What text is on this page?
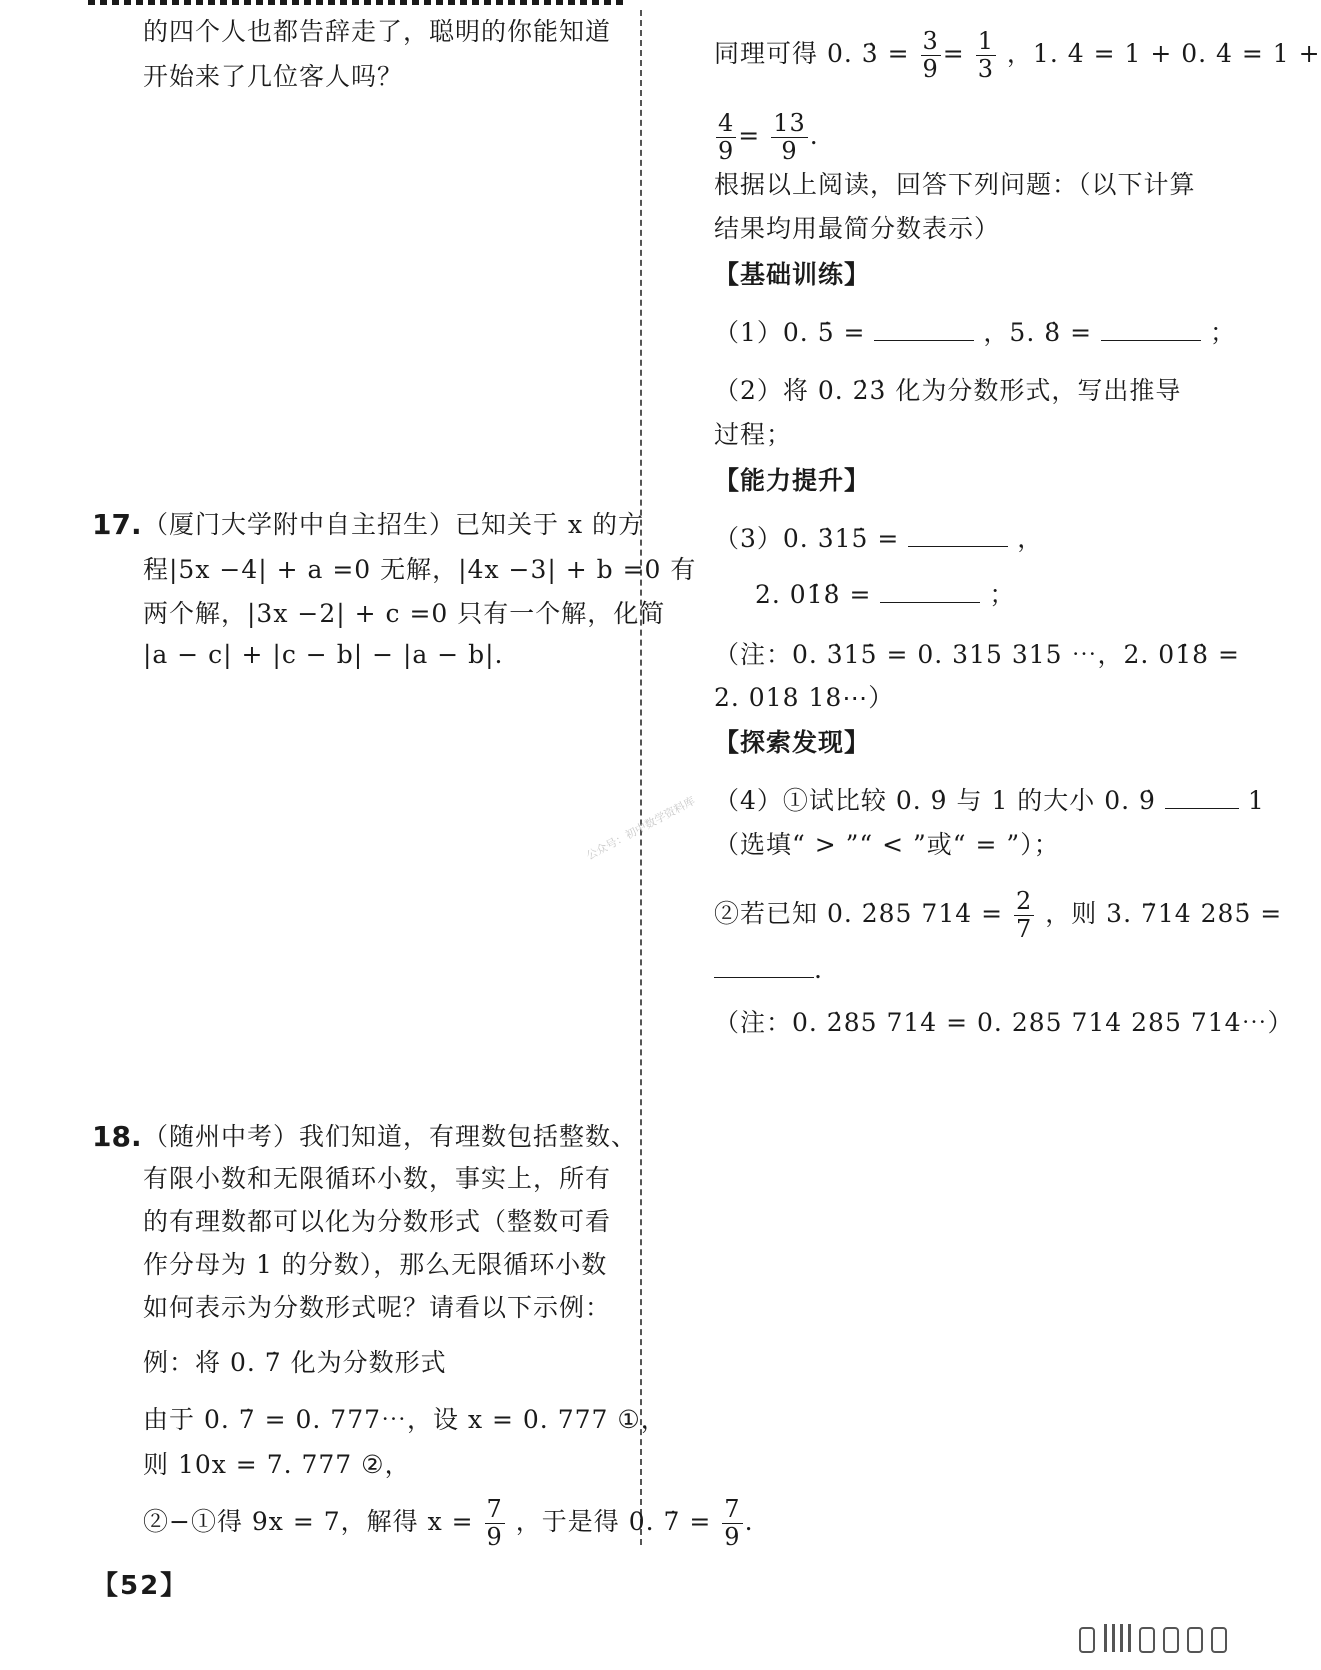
的四个人也都告辞走了，聪明的你能知道
开始来了几位客人吗？
17. （厦门大学附中自主招生）已知关于 x 的方
程|5x −4| + a =0 无解，|4x −3| + b =0 有
两个解，|3x −2| + c =0 只有一个解，化简
|a − c| + |c − b| − |a − b|.
18. （随州中考）我们知道，有理数包括整数、
有限小数和无限循环小数，事实上，所有
的有理数都可以化为分数形式（整数可看
作分母为 1 的分数），那么无限循环小数
如何表示为分数形式呢？请看以下示例：
例：将 0. 7̇ 化为分数形式
由于 0. 7̇ = 0. 777⋯，设 x = 0. 777 ①，
则 10x = 7. 777 ②，
②−①得 9x = 7，解得 $x = \frac{7}{9}$ ，于是得 0. 7̇ = $\frac{7}{9}$ .
同理可得 0. 3̇ = $\frac{3}{9} = \frac{1}{3}$ ，1. 4̇ = 1 + 0. 4̇ = 1 +
$\frac{4}{9} = \frac{13}{9}$ .
根据以上阅读，回答下列问题：（以下计算
结果均用最简分数表示）
【基础训练】
（1）0. 5̇ =	，5. 8̇ =	；
（2）将 0. 2̇3̇ 化为分数形式，写出推导
过程；
【能力提升】
（3）0. 3̇15̇ =	，
2. 01̇8̇ =	；
（注：0. 3̇15̇ = 0. 315 315 ⋯，2. 01̇8̇ =
2. 018 18⋯）
【探索发现】
（4）①试比较 0. 9̇ 与 1 的大小 0. 9̇	1
（选填“ > ”“ < ”或“ = ”）；
②若已知 0. 2̇85 714̇ = $\frac{2}{7}$ ，则 3. 7̇14 285̇ =
.
（注：0. 2̇85 714̇ = 0. 285 714 285 714⋯）
公众号：初中数学资料库
【52】
